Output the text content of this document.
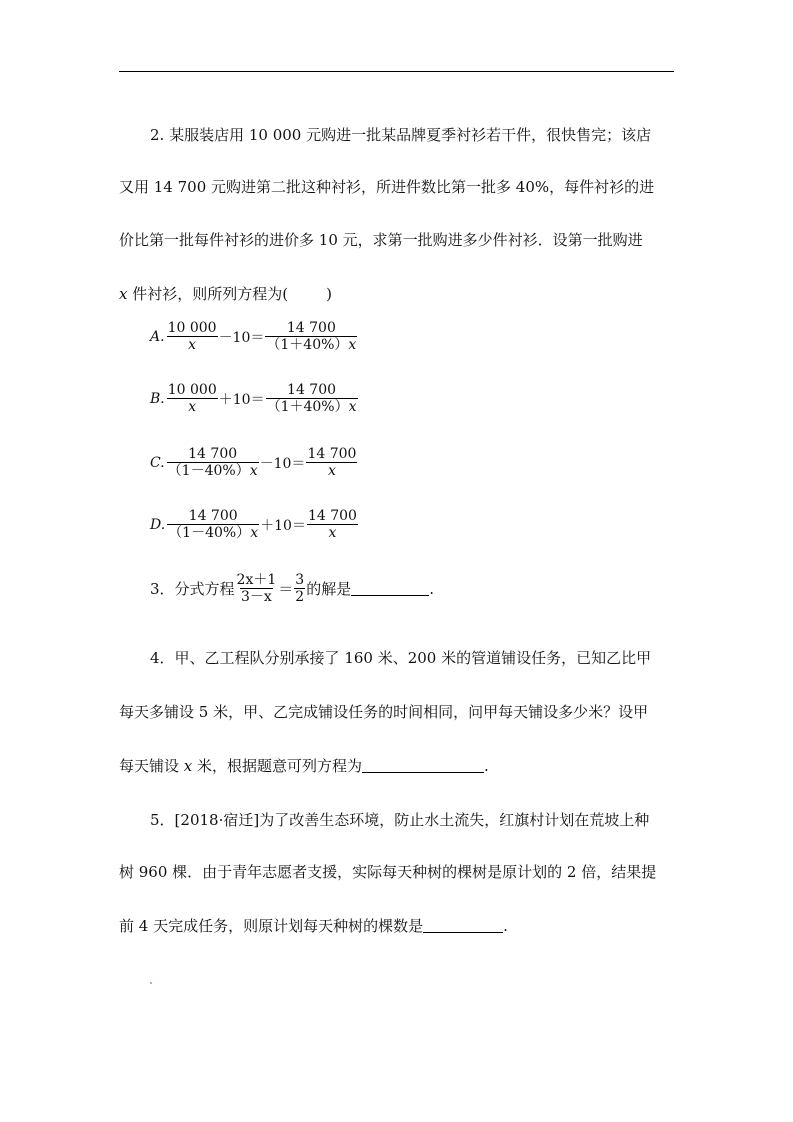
2. 某服装店用 10 000 元购进一批某品牌夏季衬衫若干件，很快售完；该店
又用 14 700 元购进第二批这种衬衫，所进件数比第一批多 40%，每件衬衫的进
价比第一批每件衬衫的进价多 10 元，求第一批购进多少件衬衫．设第一批购进
x 件衬衫，则所列方程为(	)
A. $\frac{10 000}{x} -10= \frac{14 700}{(1+40\%)x}$
B. $\frac{10 000}{x} +10= \frac{14 700}{(1+40\%)x}$
C. $\frac{14 700}{(1-40\%)x} -10= \frac{14 700}{x}$
D. $\frac{14 700}{(1-40\%)x} +10= \frac{14 700}{x}$
3．分式方程 $\frac{2x+1}{3-x} = \frac{3}{2}$ 的解是	.
4．甲、乙工程队分别承接了 160 米、200 米的管道铺设任务，已知乙比甲
每天多铺设 5 米，甲、乙完成铺设任务的时间相同，问甲每天铺设多少米？设甲
每天铺设 x 米，根据题意可列方程为	.
5．[2018·宿迁]为了改善生态环境，防止水土流失，红旗村计划在荒坡上种
树 960 棵．由于青年志愿者支援，实际每天种树的棵树是原计划的 2 倍，结果提
前 4 天完成任务，则原计划每天种树的棵数是	.
